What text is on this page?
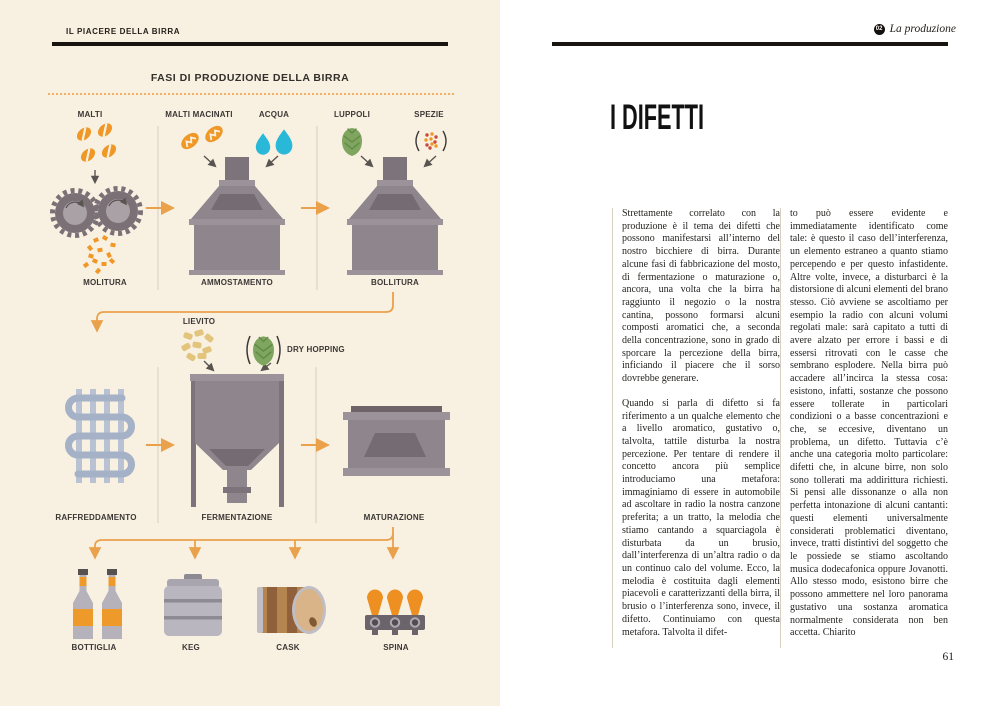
IL PIACERE DELLA BIRRA
FASI DI PRODUZIONE DELLA BIRRA
MALTI	MALTI MACINATI	ACQUA	LUPPOLI	SPEZIE
MOLITURA	AMMOSTAMENTO	BOLLITURA
LIEVITO
DRY HOPPING
RAFFREDDAMENTO	FERMENTAZIONE	MATURAZIONE
BOTTIGLIA	KEG	CASK	SPINA
02 La produzione
I DIFETTI

Strettamente correlato con la produzione è il tema dei difetti che possono manifestarsi all’interno del nostro bicchiere di birra. Durante alcune fasi di fabbricazione del mosto, di fermentazione o maturazione o, ancora, una volta che la birra ha raggiunto il negozio o la nostra cantina, possono formarsi alcuni composti aromatici che, a seconda della concentrazione, sono in grado di sporcare la percezione della birra, inficiando il piacere che il sorso dovrebbe generare.

Quando si parla di difetto si fa riferimento a un qualche elemento che a livello aromatico, gustativo o, talvolta, tattile disturba la nostra percezione. Per tentare di rendere il concetto ancora più semplice introduciamo una metafora: immaginiamo di essere in automobile ad ascoltare in radio la nostra canzone preferita; a un tratto, la melodia che stiamo cantando a squarciagola è disturbata da un brusio, dall’interferenza di un’altra radio o da un continuo calo del volume. Ecco, la melodia è costituita dagli elementi piacevoli e caratterizzanti della birra, il brusio o l’interferenza sono, invece, il difetto. Continuiamo con questa metafora. Talvolta il difet-

to può essere evidente e immediatamente identificato come tale: è questo il caso dell’interferenza, un elemento estraneo a quanto stiamo percependo e per questo infastidente. Altre volte, invece, a disturbarci è la distorsione di alcuni elementi del brano stesso. Ciò avviene se ascoltiamo per esempio la radio con alcuni volumi regolati male: sarà capitato a tutti di avere alzato per errore i bassi e di essersi ritrovati con le casse che sembrano esplodere. Nella birra può accadere all’incirca la stessa cosa: esistono, infatti, sostanze che possono essere tollerate in particolari condizioni o a basse concentrazioni e che, se eccesive, diventano un problema, un difetto. Tuttavia c’è anche una categoria molto particolare: difetti che, in alcune birre, non solo sono tollerati ma addirittura richiesti. Si pensi alle dissonanze o alla non perfetta intonazione di alcuni cantanti: questi elementi universalmente considerati problematici diventano, invece, tratti distintivi del soggetto che le possiede se stiamo ascoltando musica dodecafonica oppure Jovanotti. Allo stesso modo, esistono birre che possono ammettere nel loro panorama gustativo una sostanza aromatica normalmente considerata non ben accetta. Chiarito

61
